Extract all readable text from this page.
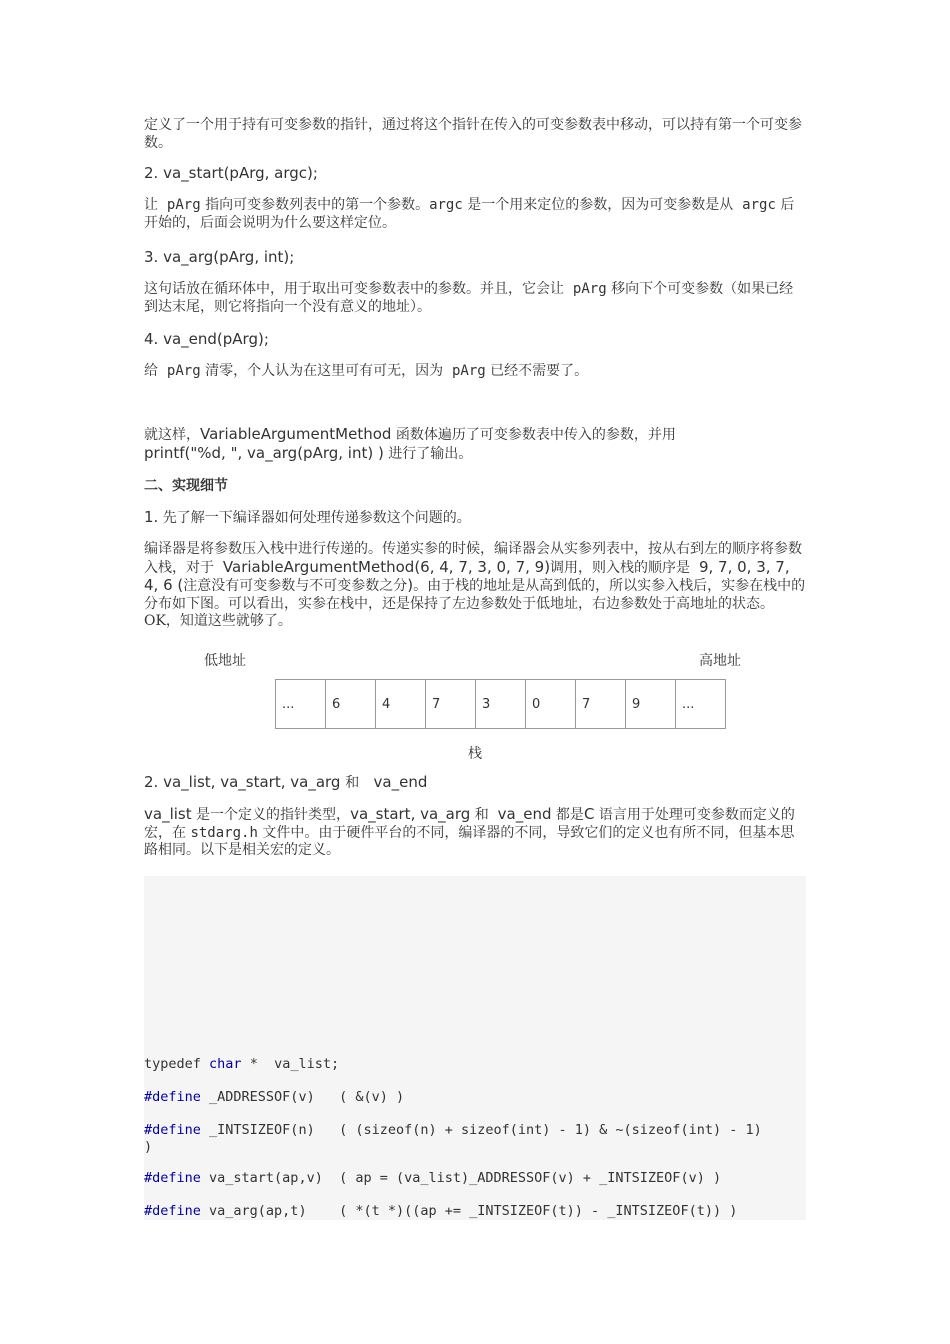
定义了一个用于持有可变参数的指针，通过将这个指针在传入的可变参数表中移动，可以持有第一个可变参数。

2. va_start(pArg, argc);

让 pArg 指向可变参数列表中的第一个参数。argc 是一个用来定位的参数，因为可变参数是从  argc 后开始的，后面会说明为什么要这样定位。

3. va_arg(pArg, int);

这句话放在循环体中，用于取出可变参数表中的参数。并且，它会让  pArg 移向下个可变参数（如果已经到达末尾，则它将指向一个没有意义的地址）。

4. va_end(pArg);

给  pArg 清零，个人认为在这里可有可无，因为  pArg 已经不需要了。

就这样，VariableArgumentMethod 函数体遍历了可变参数表中传入的参数，并用
printf("%d, ", va_arg(pArg, int) ) 进行了输出。

二、实现细节

1. 先了解一下编译器如何处理传递参数这个问题的。

编译器是将参数压入栈中进行传递的。传递实参的时候，编译器会从实参列表中，按从右到左的顺序将参数入栈，对于 VariableArgumentMethod(6, 4, 7, 3, 0, 7, 9)调用，则入栈的顺序是 9, 7, 0, 3, 7, 4, 6 (注意没有可变参数与不可变参数之分)。由于栈的地址是从高到低的，所以实参入栈后，实参在栈中的分布如下图。可以看出，实参在栈中，还是保持了左边参数处于低地址，右边参数处于高地址的状态。OK，知道这些就够了。

2. va_list, va_start, va_arg 和   va_end

va_list 是一个定义的指针类型，va_start, va_arg 和  va_end 都是C 语言用于处理可变参数而定义的宏，在 stdarg.h 文件中。由于硬件平台的不同，编译器的不同，导致它们的定义也有所不同，但基本思路相同。以下是相关宏的定义。

低地址	高地址
...	6	4	7	3	0	7	9	...
栈
typedef char *  va_list;
#define _ADDRESSOF(v)   ( &(v) )
#define _INTSIZEOF(n)   ( (sizeof(n) + sizeof(int) - 1) & ~(sizeof(int) - 1)
)
#define va_start(ap,v)  ( ap = (va_list)_ADDRESSOF(v) + _INTSIZEOF(v) )
#define va_arg(ap,t)    ( *(t *)((ap += _INTSIZEOF(t)) - _INTSIZEOF(t)) )
